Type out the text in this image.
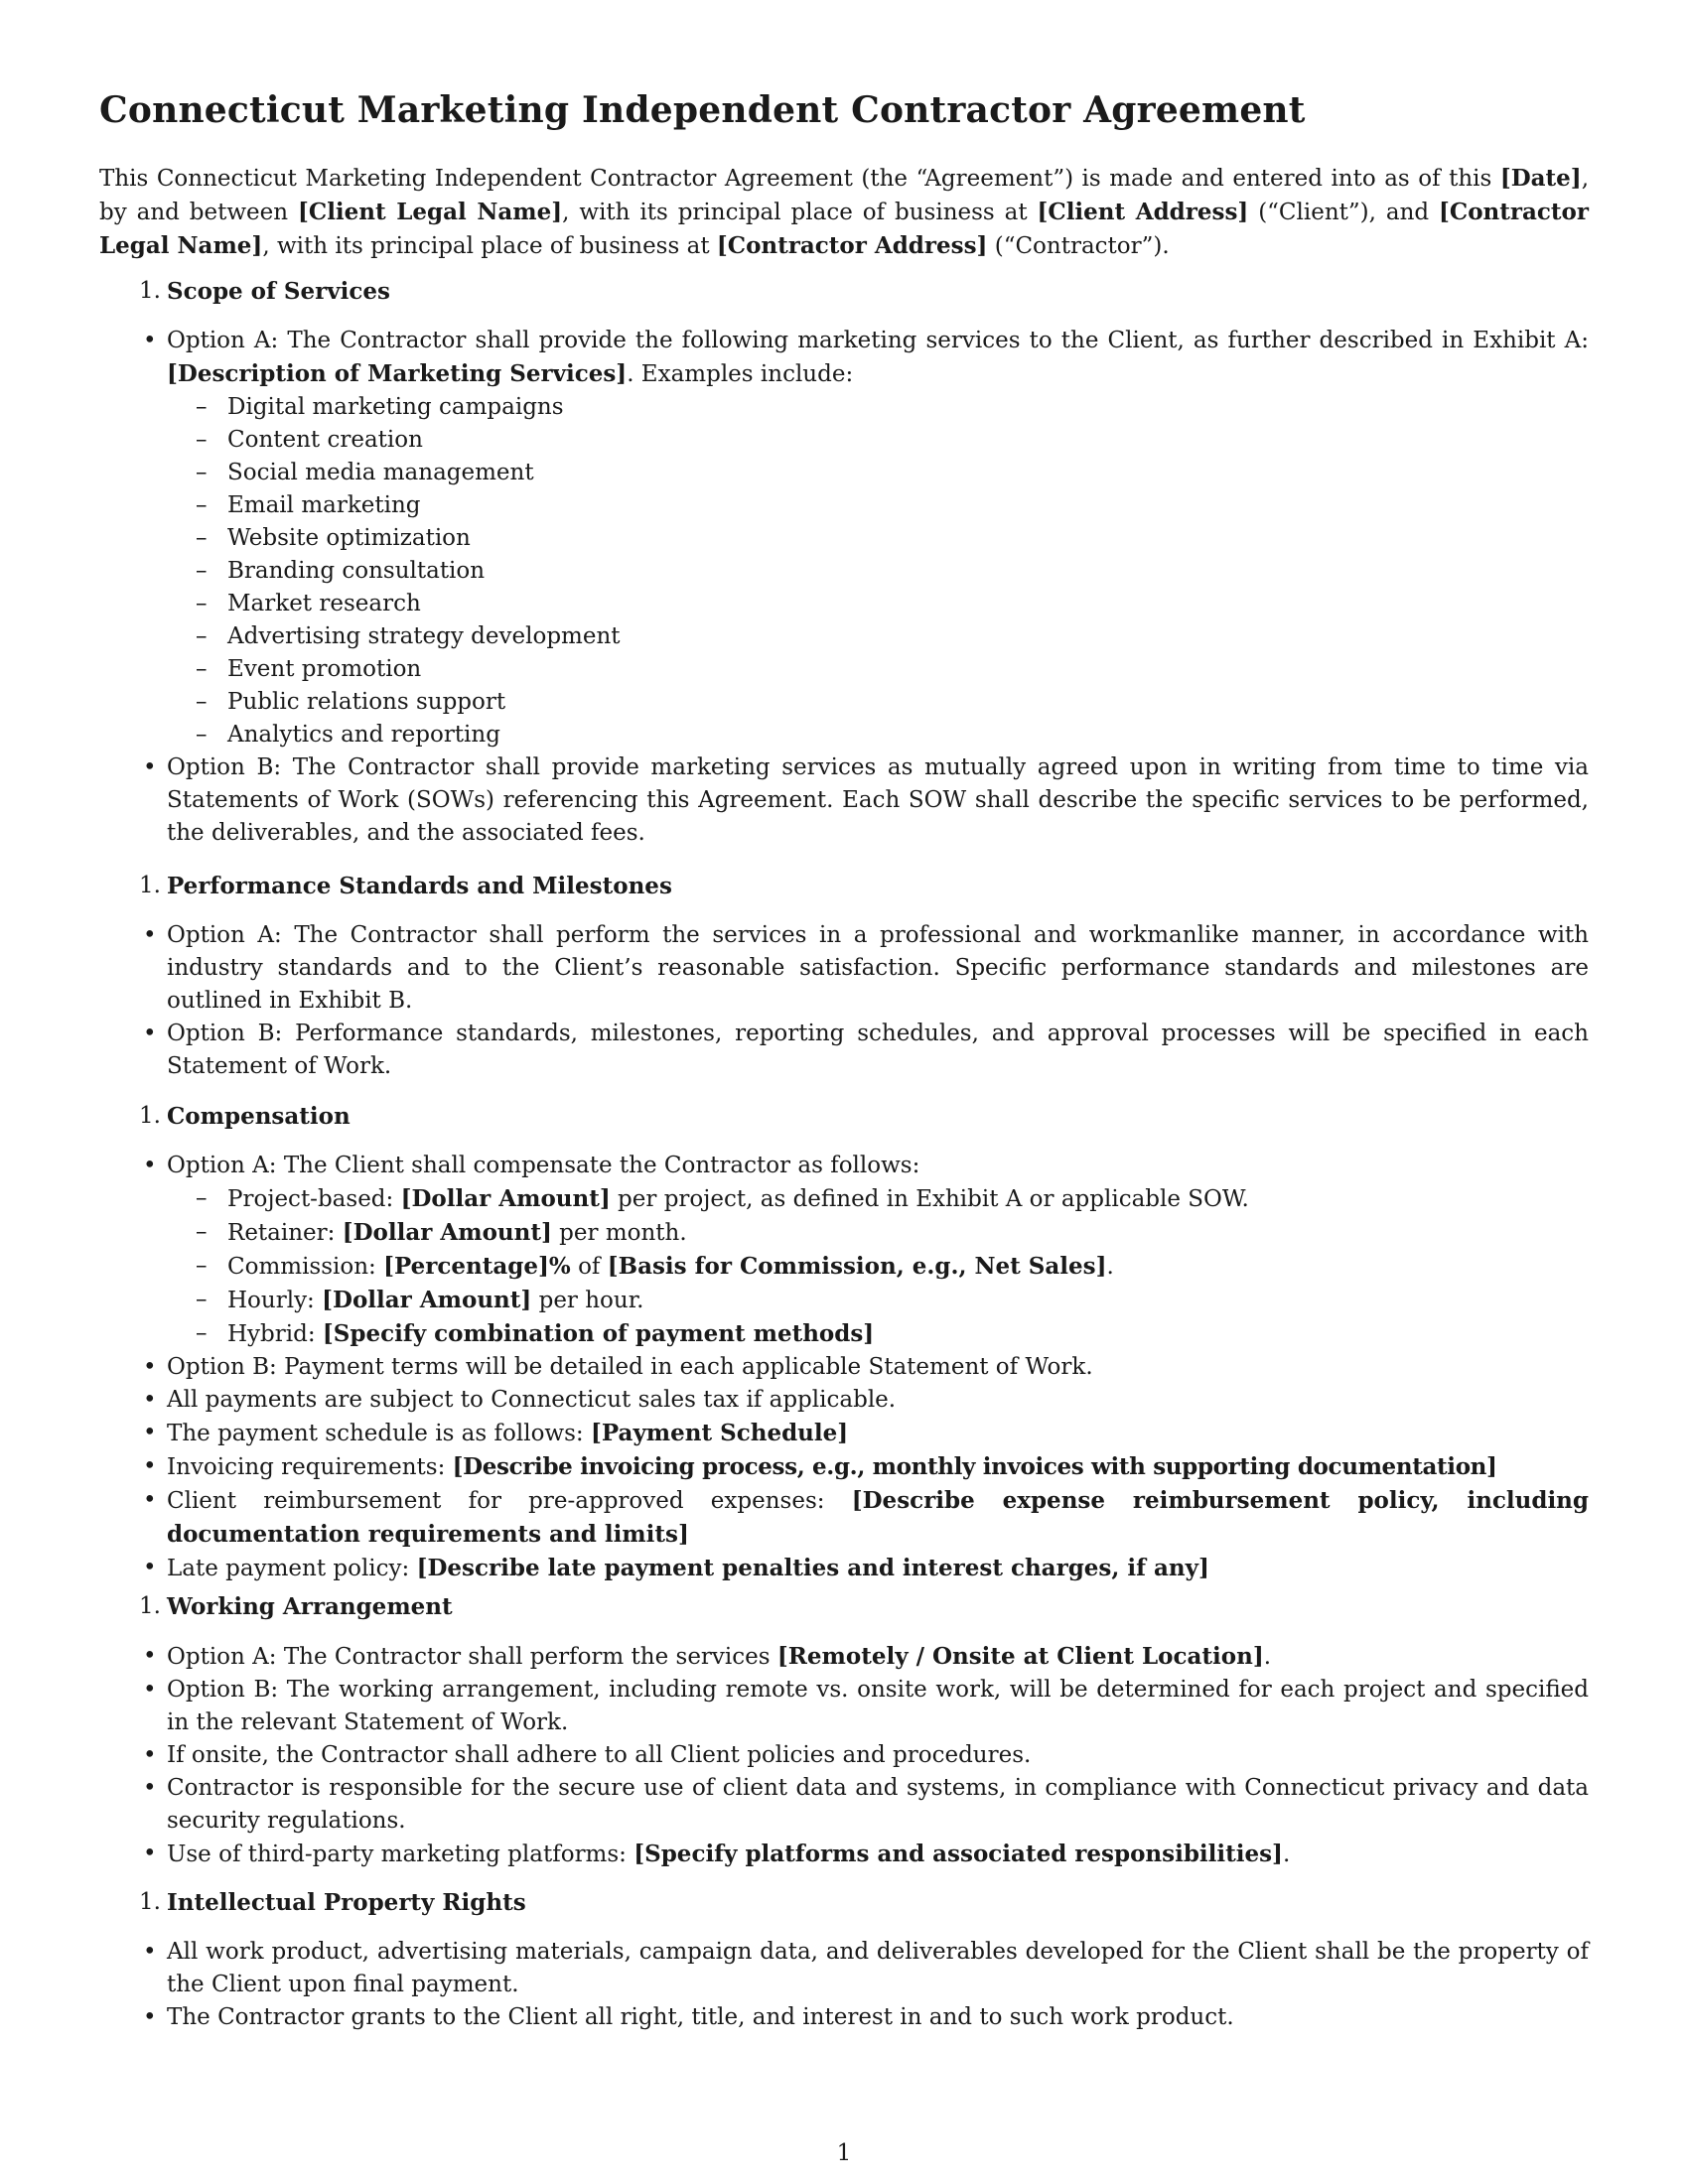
Connecticut Marketing Independent Contractor Agreement

This Connecticut Marketing Independent Contractor Agreement (the “Agreement”) is made and entered into as of this [Date], by and between [Client Legal Name], with its principal place of business at [Client Address] (“Client”), and [Contractor Legal Name], with its principal place of business at [Contractor Address] (“Contractor”).

1. Scope of Services
• Option A: The Contractor shall provide the following marketing services to the Client, as further described in Exhibit A: [Description of Marketing Services]. Examples include:
– Digital marketing campaigns
– Content creation
– Social media management
– Email marketing
– Website optimization
– Branding consultation
– Market research
– Advertising strategy development
– Event promotion
– Public relations support
– Analytics and reporting
• Option B: The Contractor shall provide marketing services as mutually agreed upon in writing from time to time via Statements of Work (SOWs) referencing this Agreement. Each SOW shall describe the specific services to be performed, the deliverables, and the associated fees.
1. Performance Standards and Milestones
• Option A: The Contractor shall perform the services in a professional and workmanlike manner, in accordance with industry standards and to the Client’s reasonable satisfaction. Specific performance standards and milestones are outlined in Exhibit B.
• Option B: Performance standards, milestones, reporting schedules, and approval processes will be specified in each Statement of Work.
1. Compensation
• Option A: The Client shall compensate the Contractor as follows:
– Project-based: [Dollar Amount] per project, as defined in Exhibit A or applicable SOW.
– Retainer: [Dollar Amount] per month.
– Commission: [Percentage]% of [Basis for Commission, e.g., Net Sales].
– Hourly: [Dollar Amount] per hour.
– Hybrid: [Specify combination of payment methods]
• Option B: Payment terms will be detailed in each applicable Statement of Work.
• All payments are subject to Connecticut sales tax if applicable.
• The payment schedule is as follows: [Payment Schedule]
• Invoicing requirements: [Describe invoicing process, e.g., monthly invoices with supporting documentation]
• Client reimbursement for pre-approved expenses: [Describe expense reimbursement policy, including documentation requirements and limits]
• Late payment policy: [Describe late payment penalties and interest charges, if any]
1. Working Arrangement
• Option A: The Contractor shall perform the services [Remotely / Onsite at Client Location].
• Option B: The working arrangement, including remote vs. onsite work, will be determined for each project and specified in the relevant Statement of Work.
• If onsite, the Contractor shall adhere to all Client policies and procedures.
• Contractor is responsible for the secure use of client data and systems, in compliance with Connecticut privacy and data security regulations.
• Use of third-party marketing platforms: [Specify platforms and associated responsibilities].
1. Intellectual Property Rights
• All work product, advertising materials, campaign data, and deliverables developed for the Client shall be the property of the Client upon final payment.
• The Contractor grants to the Client all right, title, and interest in and to such work product.
1
